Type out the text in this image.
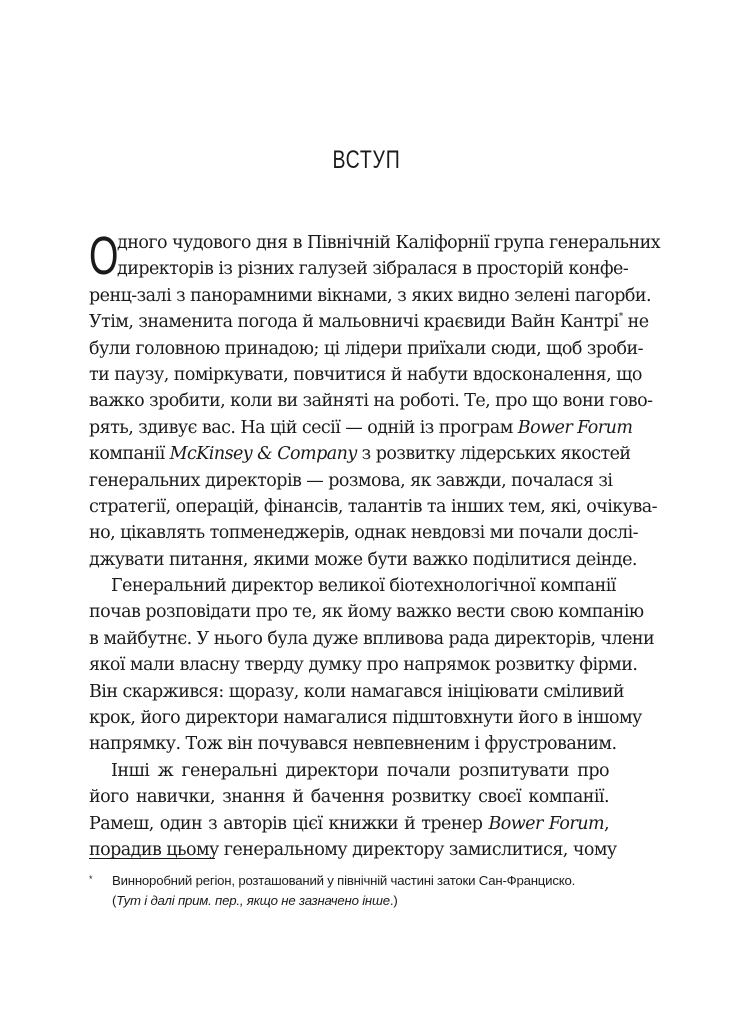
ВСТУП
О

дного чудового дня в Північній Каліфорнії група генеральних
директорів із різних галузей зібралася в просторій конфе-
ренц-залі з панорамними вікнами, з яких видно зелені пагорби.
Утім, знаменита погода й мальовничі краєвиди Вайн Кантрі* не
були головною принадою; ці лідери приїхали сюди, щоб зроби-
ти паузу, поміркувати, повчитися й набути вдосконалення, що
важко зробити, коли ви зайняті на роботі. Те, про що вони гово-
рять, здивує вас. На цій сесії — одній із програм Bower Forum
компанії McKinsey & Company з розвитку лідерських якостей
генеральних директорів — розмова, як завжди, почалася зі
стратегії, операцій, фінансів, талантів та інших тем, які, очікува-
но, цікавлять топменеджерів, однак невдовзі ми почали дослі-
джувати питання, якими може бути важко поділитися деінде.

Генеральний директор великої біотехнологічної компанії
почав розповідати про те, як йому важко вести свою компанію
в майбутнє. У нього була дуже впливова рада директорів, члени
якої мали власну тверду думку про напрямок розвитку фірми.
Він скаржився: щоразу, коли намагався ініціювати сміливий
крок, його директори намагалися підштовхнути його в іншому
напрямку. Тож він почувався невпевненим і фрустрованим.

Інші ж генеральні директори почали розпитувати про
його навички, знання й бачення розвитку своєї компанії.
Рамеш, один з авторів цієї книжки й тренер Bower Forum,
порадив цьому генеральному директору замислитися, чому

* Винноробний регіон, розташований у північній частині затоки Сан-Франциско.
(Тут і далі прим. пер., якщо не зазначено інше.)
